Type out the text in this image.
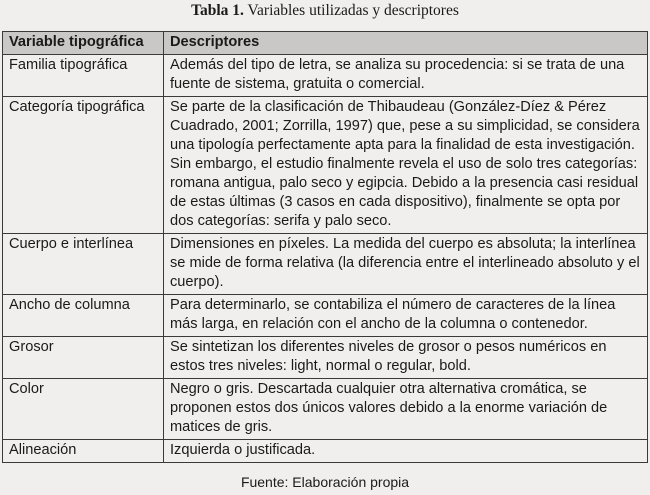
Tabla 1. Variables utilizadas y descriptores
Variable tipográfica	Descriptores
Familia tipográfica	Además del tipo de letra, se analiza su procedencia: si se trata de una fuente de sistema, gratuita o comercial.
Categoría tipográfica	Se parte de la clasificación de Thibaudeau (González-Díez & Pérez Cuadrado, 2001; Zorrilla, 1997) que, pese a su simplicidad, se considera una tipología perfectamente apta para la finalidad de esta investigación. Sin embargo, el estudio finalmente revela el uso de solo tres categorías: romana antigua, palo seco y egipcia. Debido a la presencia casi residual de estas últimas (3 casos en cada dispositivo), finalmente se opta por dos categorías: serifa y palo seco.
Cuerpo e interlínea	Dimensiones en píxeles. La medida del cuerpo es absoluta; la interlínea se mide de forma relativa (la diferencia entre el interlineado absoluto y el cuerpo).
Ancho de columna	Para determinarlo, se contabiliza el número de caracteres de la línea más larga, en relación con el ancho de la columna o contenedor.
Grosor	Se sintetizan los diferentes niveles de grosor o pesos numéricos en estos tres niveles: light, normal o regular, bold.
Color	Negro o gris. Descartada cualquier otra alternativa cromática, se proponen estos dos únicos valores debido a la enorme variación de matices de gris.
Alineación	Izquierda o justificada.
Fuente: Elaboración propia
